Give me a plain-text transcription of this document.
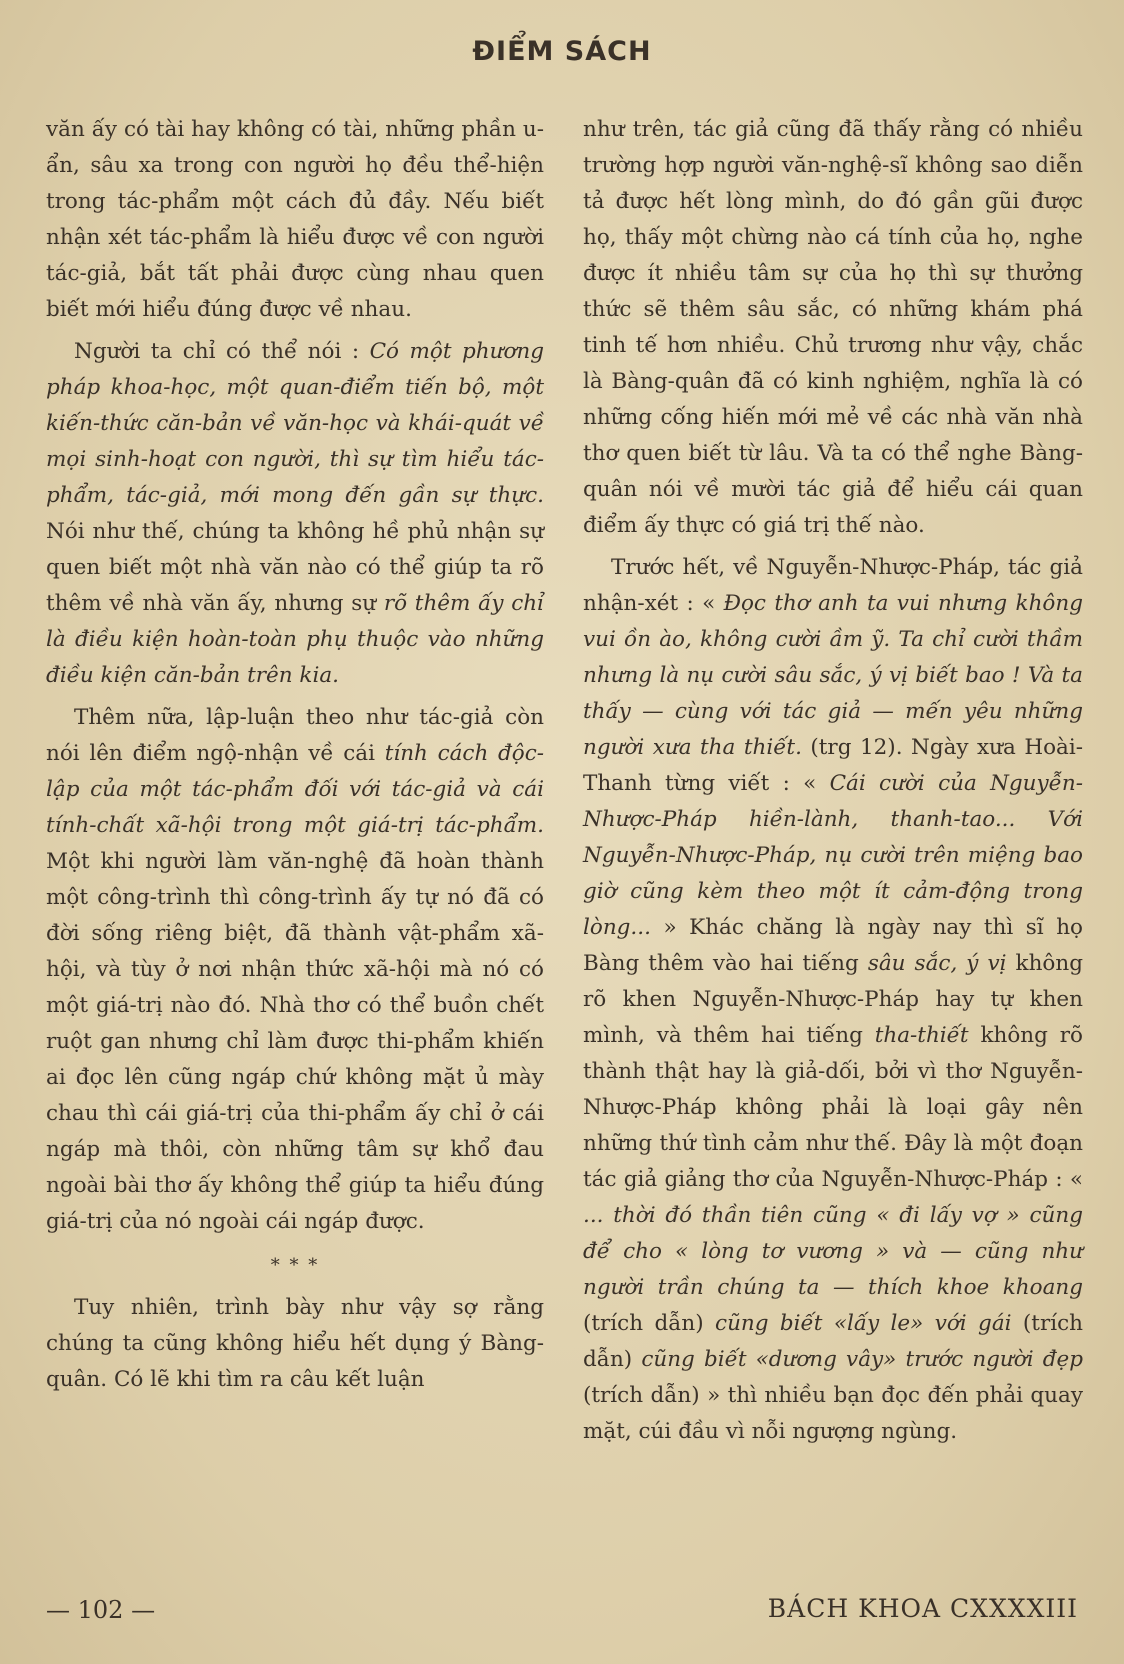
ĐIỂM SÁCH

văn ấy có tài hay không có tài, những phần u-ẩn, sâu xa trong con người họ đều thể-hiện trong tác-phẩm một cách đủ đầy. Nếu biết nhận xét tác-phẩm là hiểu được về con người tác-giả, bắt tất phải được cùng nhau quen biết mới hiểu đúng được về nhau.

Người ta chỉ có thể nói : Có một phương pháp khoa-học, một quan-điểm tiến bộ, một kiến-thức căn-bản về văn-học và khái-quát về mọi sinh-hoạt con người, thì sự tìm hiểu tác-phẩm, tác-giả, mới mong đến gần sự thực. Nói như thế, chúng ta không hề phủ nhận sự quen biết một nhà văn nào có thể giúp ta rõ thêm về nhà văn ấy, nhưng sự rõ thêm ấy chỉ là điều kiện hoàn-toàn phụ thuộc vào những điều kiện căn-bản trên kia.

Thêm nữa, lập-luận theo như tác-giả còn nói lên điểm ngộ-nhận về cái tính cách độc-lập của một tác-phẩm đối với tác-giả và cái tính-chất xã-hội trong một giá-trị tác-phẩm. Một khi người làm văn-nghệ đã hoàn thành một công-trình thì công-trình ấy tự nó đã có đời sống riêng biệt, đã thành vật-phẩm xã-hội, và tùy ở nơi nhận thức xã-hội mà nó có một giá-trị nào đó. Nhà thơ có thể buồn chết ruột gan nhưng chỉ làm được thi-phẩm khiến ai đọc lên cũng ngáp chứ không mặt ủ mày chau thì cái giá-trị của thi-phẩm ấy chỉ ở cái ngáp mà thôi, còn những tâm sự khổ đau ngoài bài thơ ấy không thể giúp ta hiểu đúng giá-trị của nó ngoài cái ngáp được.

* * *

Tuy nhiên, trình bày như vậy sợ rằng chúng ta cũng không hiểu hết dụng ý Bàng-quân. Có lẽ khi tìm ra câu kết luận

như trên, tác giả cũng đã thấy rằng có nhiều trường hợp người văn-nghệ-sĩ không sao diễn tả được hết lòng mình, do đó gần gũi được họ, thấy một chừng nào cá tính của họ, nghe được ít nhiều tâm sự của họ thì sự thưởng thức sẽ thêm sâu sắc, có những khám phá tinh tế hơn nhiều. Chủ trương như vậy, chắc là Bàng-quân đã có kinh nghiệm, nghĩa là có những cống hiến mới mẻ về các nhà văn nhà thơ quen biết từ lâu. Và ta có thể nghe Bàng-quân nói về mười tác giả để hiểu cái quan điểm ấy thực có giá trị thế nào.

Trước hết, về Nguyễn-Nhược-Pháp, tác giả nhận-xét : « Đọc thơ anh ta vui nhưng không vui ồn ào, không cười ầm ỹ. Ta chỉ cười thầm nhưng là nụ cười sâu sắc, ý vị biết bao ! Và ta thấy — cùng với tác giả — mến yêu những người xưa tha thiết. (trg 12). Ngày xưa Hoài-Thanh từng viết : « Cái cười của Nguyễn-Nhược-Pháp hiền-lành, thanh-tao... Với Nguyễn-Nhược-Pháp, nụ cười trên miệng bao giờ cũng kèm theo một ít cảm-động trong lòng... » Khác chăng là ngày nay thì sĩ họ Bàng thêm vào hai tiếng sâu sắc, ý vị không rõ khen Nguyễn-Nhược-Pháp hay tự khen mình, và thêm hai tiếng tha-thiết không rõ thành thật hay là giả-dối, bởi vì thơ Nguyễn-Nhược-Pháp không phải là loại gây nên những thứ tình cảm như thế. Đây là một đoạn tác giả giảng thơ của Nguyễn-Nhược-Pháp : « ... thời đó thần tiên cũng « đi lấy vợ » cũng để cho « lòng tơ vương » và — cũng như người trần chúng ta — thích khoe khoang (trích dẫn) cũng biết «lấy le» với gái (trích dẫn) cũng biết «dương vây» trước người đẹp (trích dẫn) » thì nhiều bạn đọc đến phải quay mặt, cúi đầu vì nỗi ngượng ngùng.

— 102 —	BÁCH KHOA CXXXXIII
